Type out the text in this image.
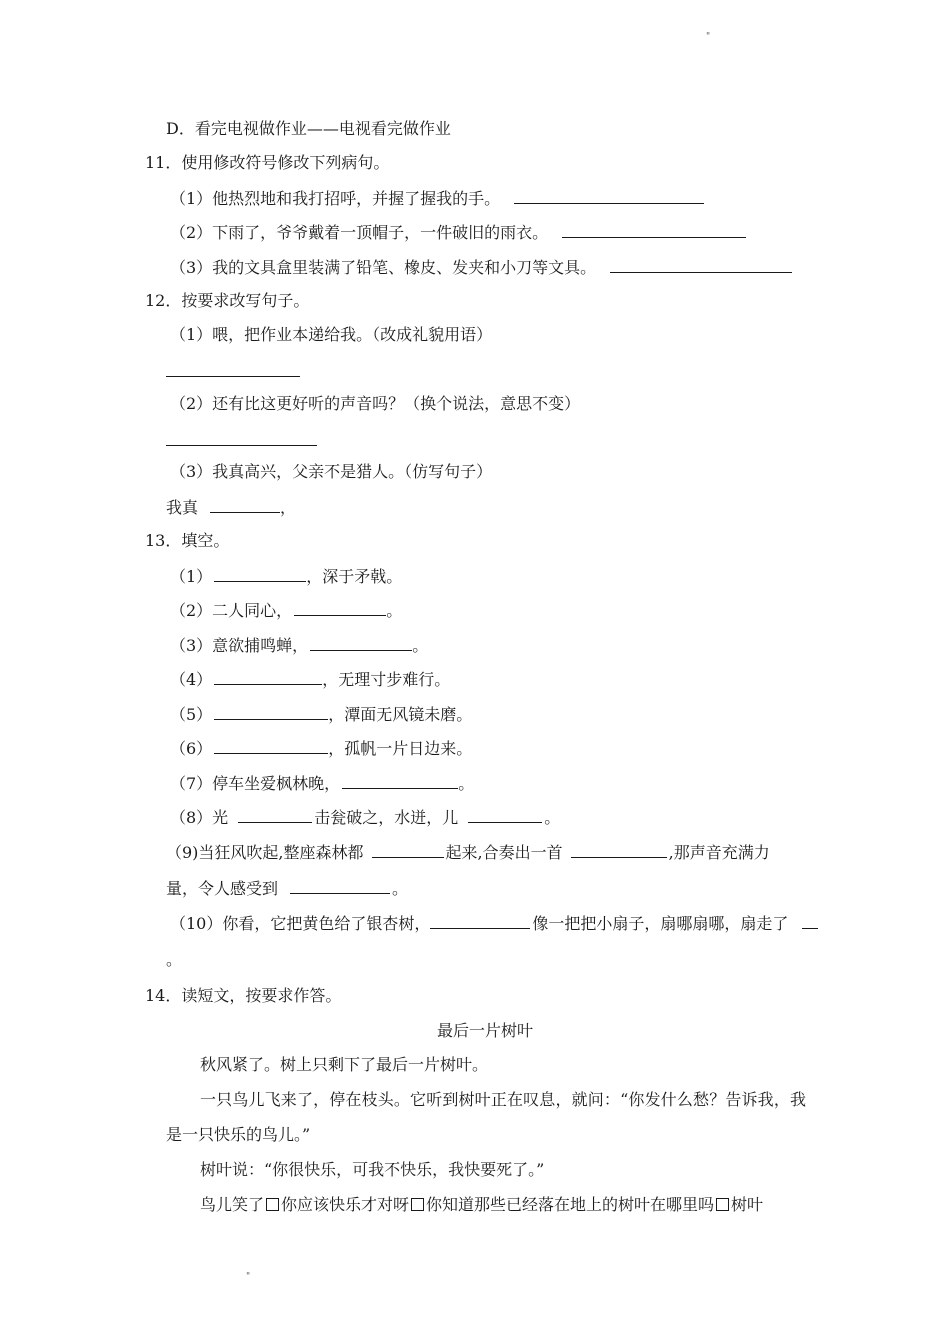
"
D．看完电视做作业——电视看完做作业
11．使用修改符号修改下列病句。
（1）他热烈地和我打招呼，并握了握我的手。
（2）下雨了，爷爷戴着一顶帽子，一件破旧的雨衣。
（3）我的文具盒里装满了铅笔、橡皮、发夹和小刀等文具。
12．按要求改写句子。
（1）喂，把作业本递给我。（改成礼貌用语）
（2）还有比这更好听的声音吗？（换个说法，意思不变）
（3）我真高兴，父亲不是猎人。（仿写句子）
我真	，
13．填空。
（1）	，深于矛戟。
（2）二人同心，	。
（3）意欲捕鸣蝉，	。
（4）	，无理寸步难行。
（5）	，潭面无风镜未磨。
（6）	，孤帆一片日边来。
（7）停车坐爱枫林晚，	。
（8）光	击瓮破之，水迸，儿	。
（9)当狂风吹起,整座森林都	起来,合奏出一首	,那声音充满力
量，令人感受到	。
（10）你看，它把黄色给了银杏树，	像一把把小扇子，扇哪扇哪，扇走了
。
14．读短文，按要求作答。
最后一片树叶
秋风紧了。树上只剩下了最后一片树叶。
一只鸟儿飞来了，停在枝头。它听到树叶正在叹息，就问：“你发什么愁？告诉我，我
是一只快乐的鸟儿。”
树叶说：“你很快乐，可我不快乐，我快要死了。”
鸟儿笑了 你应该快乐才对呀 你知道那些已经落在地上的树叶在哪里吗 树叶
"
